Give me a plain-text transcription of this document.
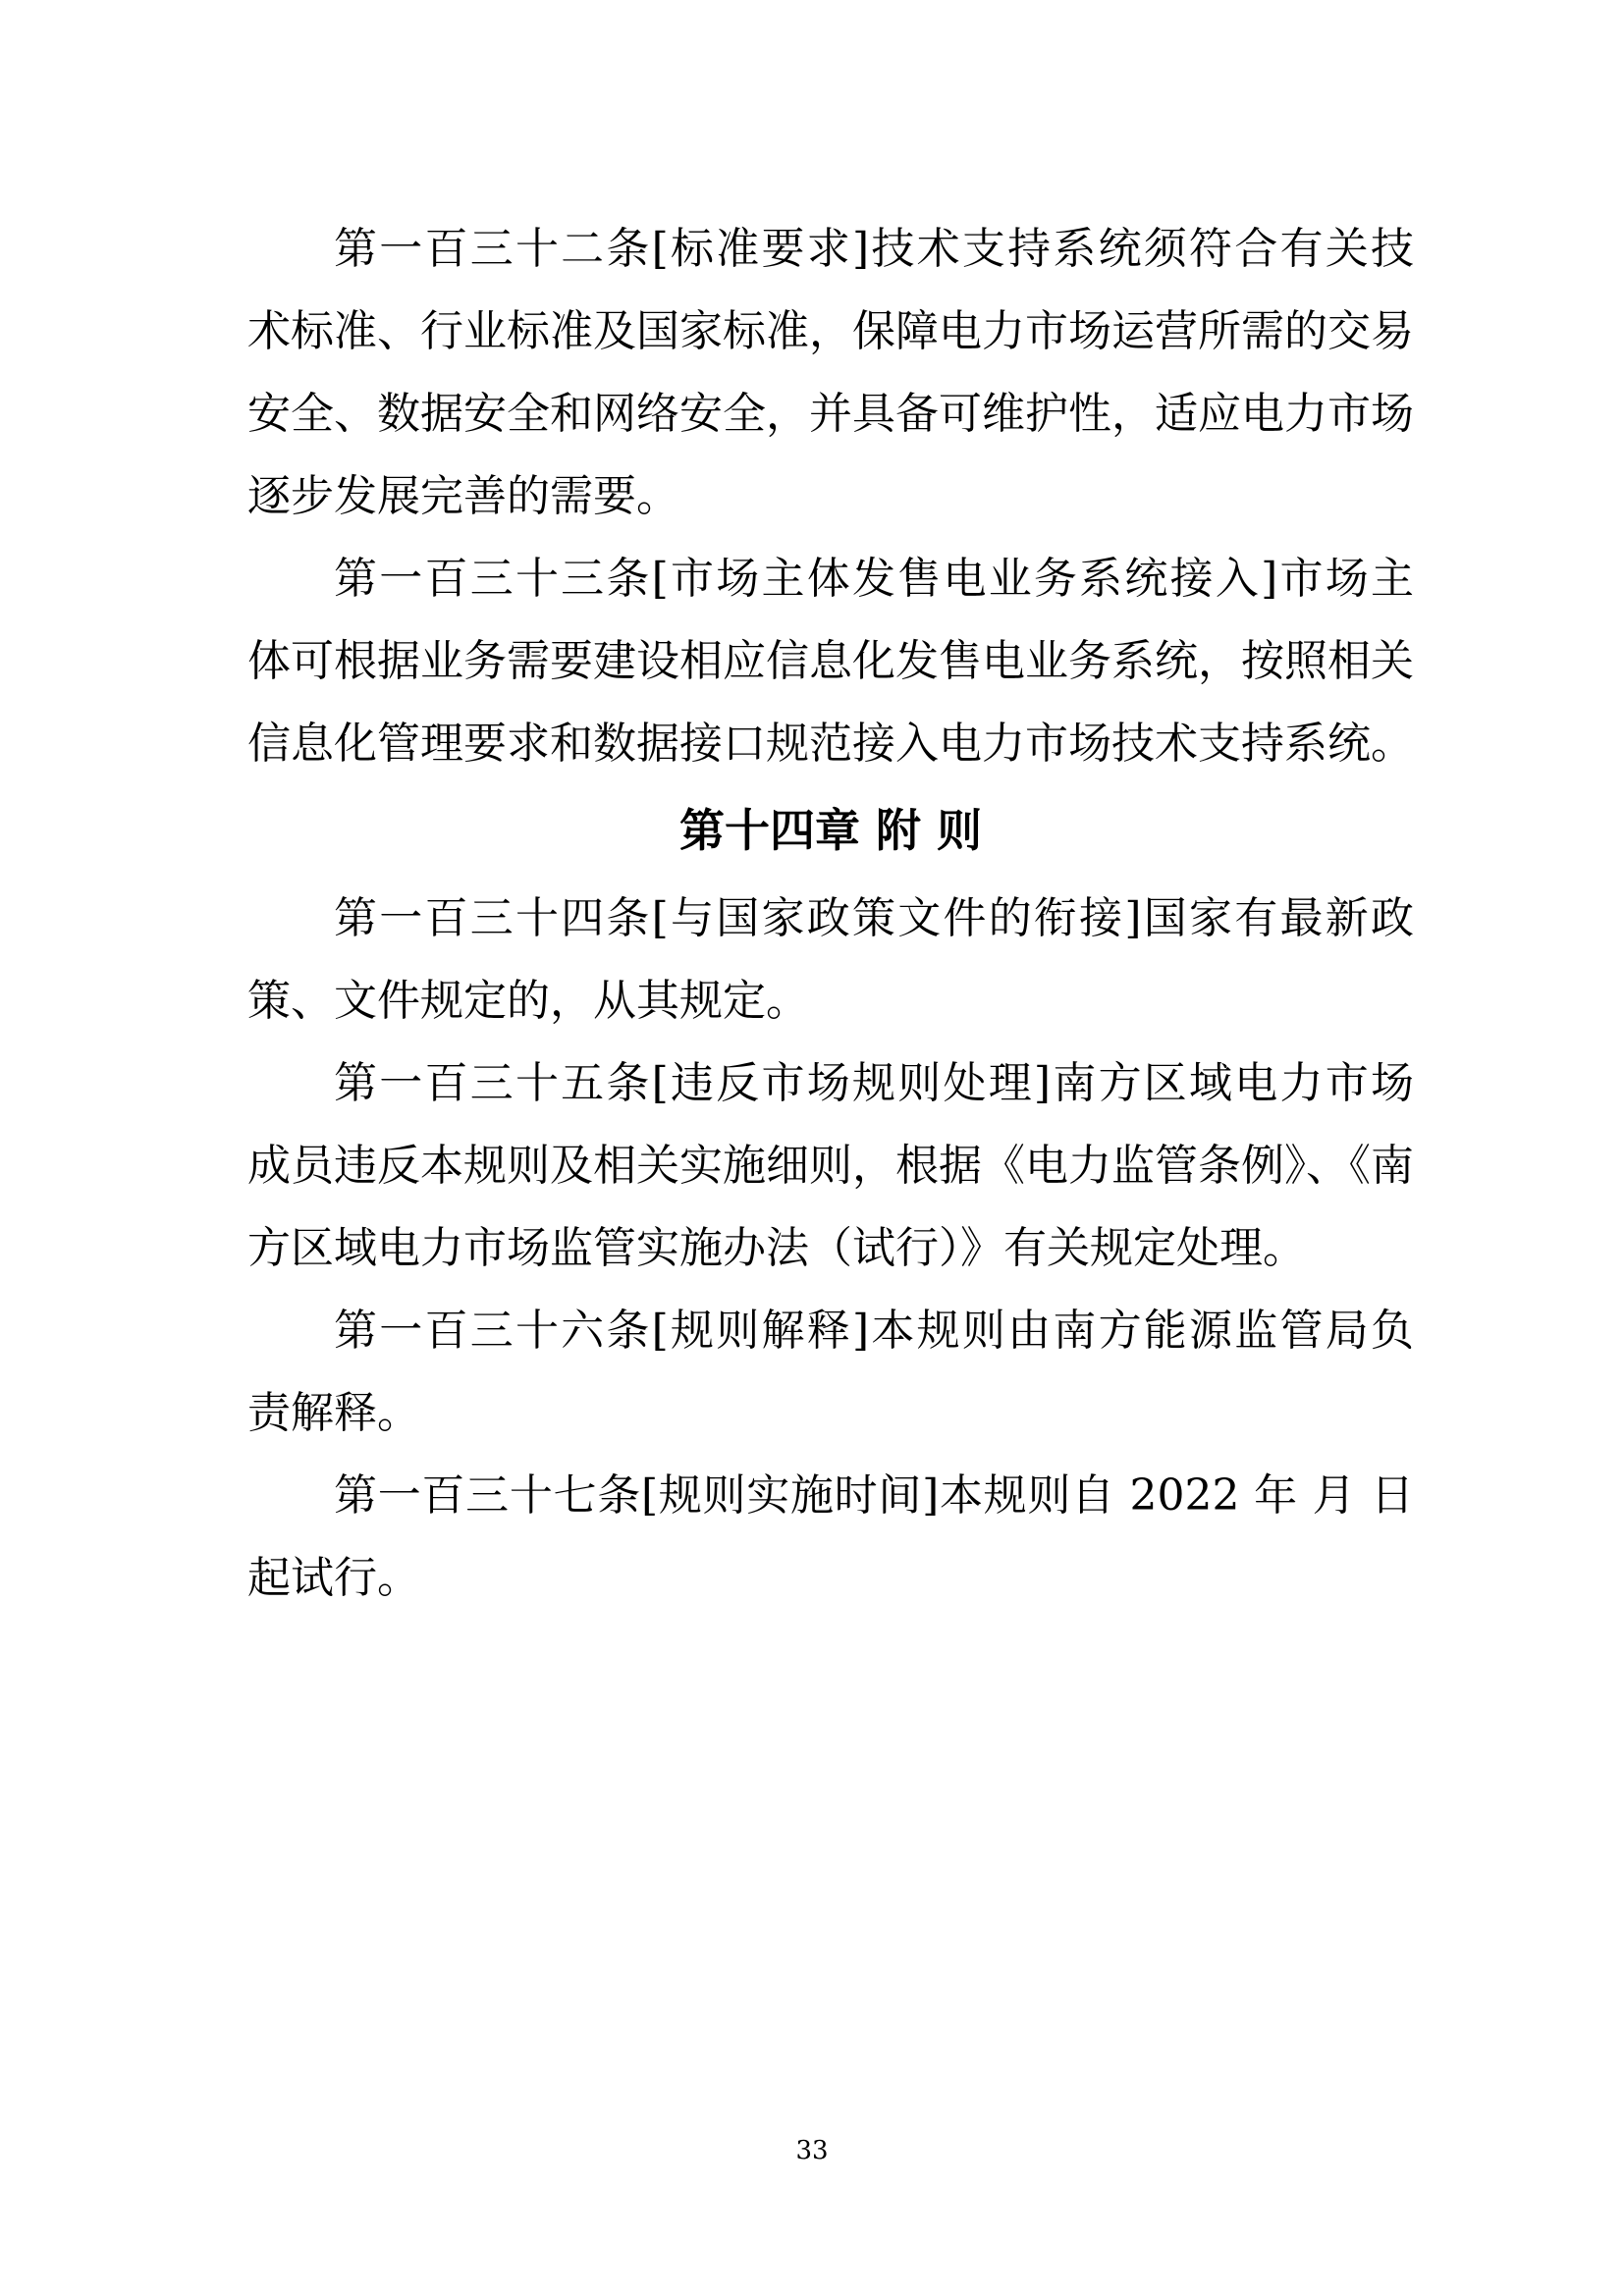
第一百三十二条[标准要求]技术支持系统须符合有关技
术标准、行业标准及国家标准，保障电力市场运营所需的交易
安全、数据安全和网络安全，并具备可维护性，适应电力市场
逐步发展完善的需要。
第一百三十三条[市场主体发售电业务系统接入]市场主
体可根据业务需要建设相应信息化发售电业务系统，按照相关
信息化管理要求和数据接口规范接入电力市场技术支持系统。
第十四章 附 则
第一百三十四条[与国家政策文件的衔接]国家有最新政
策、文件规定的，从其规定。
第一百三十五条[违反市场规则处理]南方区域电力市场
成员违反本规则及相关实施细则，根据《电力监管条例》、《南
方区域电力市场监管实施办法（试行）》有关规定处理。
第一百三十六条[规则解释]本规则由南方能源监管局负
责解释。
第一百三十七条[规则实施时间]本规则自 2022 年 月 日
起试行。
33
